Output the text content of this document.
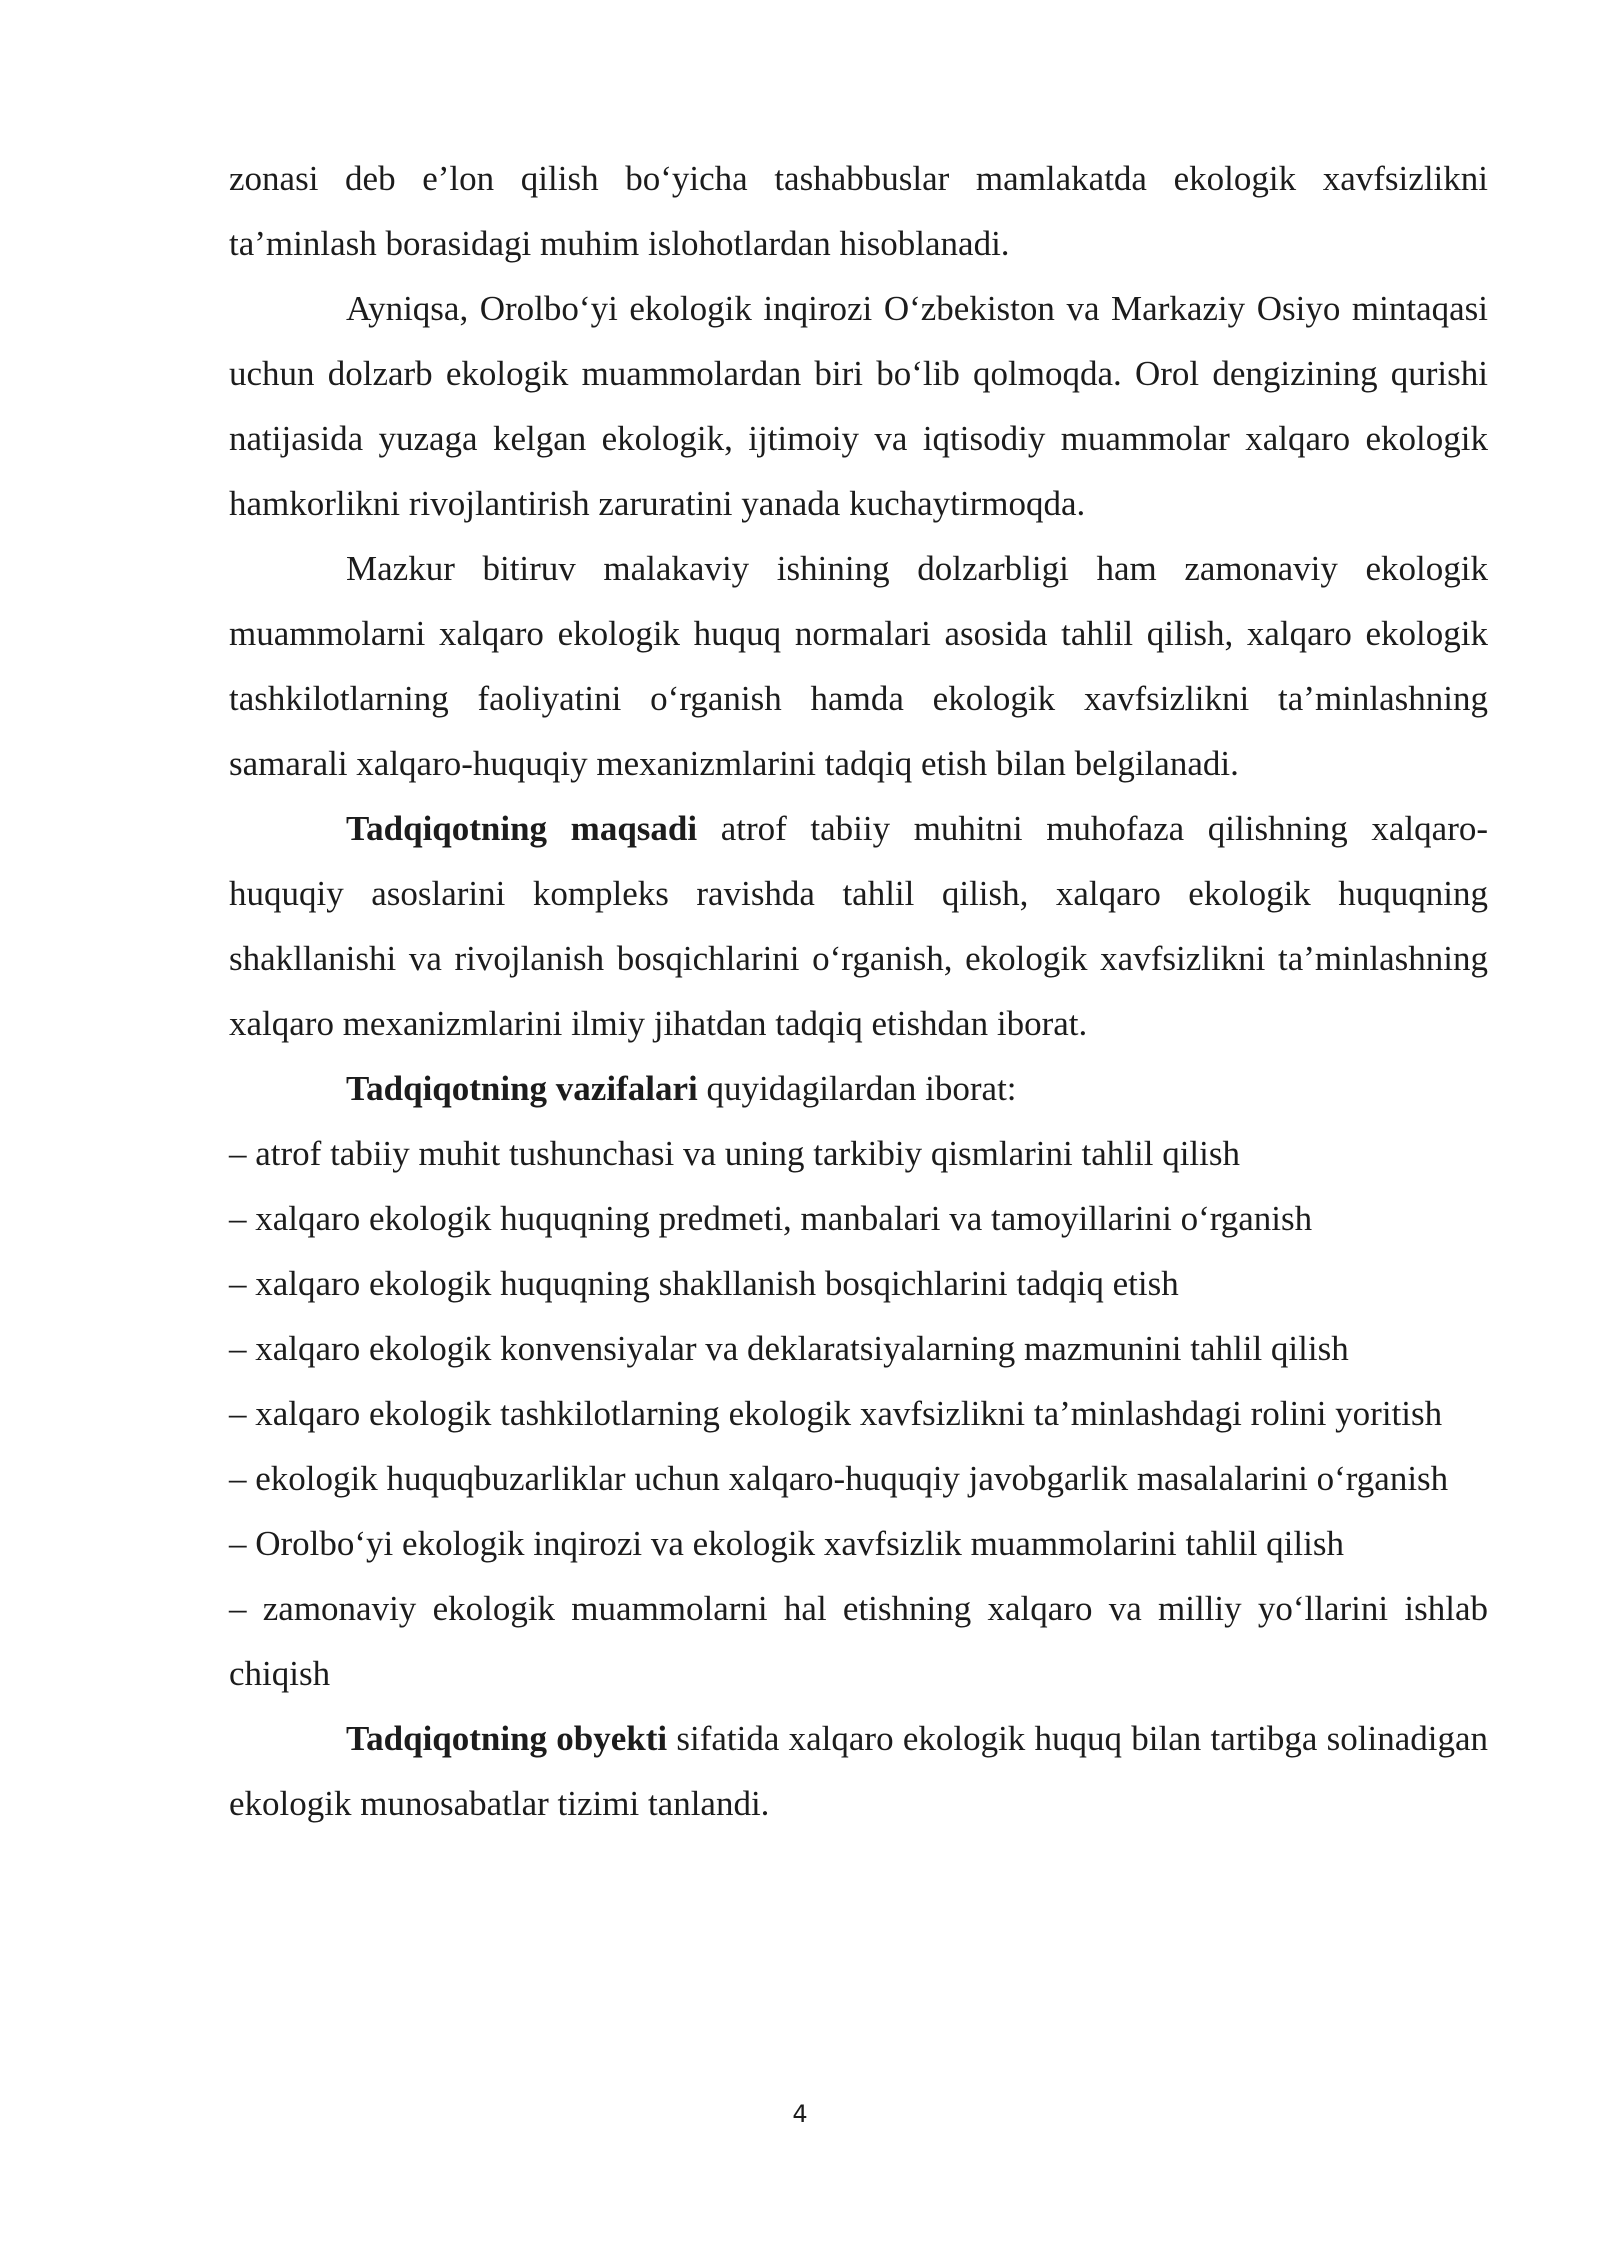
zonasi deb e’lon qilish bo‘yicha tashabbuslar mamlakatda ekologik xavfsizlikni ta’minlash borasidagi muhim islohotlardan hisoblanadi.

Ayniqsa, Orolbo‘yi ekologik inqirozi O‘zbekiston va Markaziy Osiyo mintaqasi uchun dolzarb ekologik muammolardan biri bo‘lib qolmoqda. Orol dengizining qurishi natijasida yuzaga kelgan ekologik, ijtimoiy va iqtisodiy muammolar xalqaro ekologik hamkorlikni rivojlantirish zaruratini yanada kuchaytirmoqda.

Mazkur bitiruv malakaviy ishining dolzarbligi ham zamonaviy ekologik muammolarni xalqaro ekologik huquq normalari asosida tahlil qilish, xalqaro ekologik tashkilotlarning faoliyatini o‘rganish hamda ekologik xavfsizlikni ta’minlashning samarali xalqaro-huquqiy mexanizmlarini tadqiq etish bilan belgilanadi.

Tadqiqotning maqsadi atrof tabiiy muhitni muhofaza qilishning xalqaro-huquqiy asoslarini kompleks ravishda tahlil qilish, xalqaro ekologik huquqning shakllanishi va rivojlanish bosqichlarini o‘rganish, ekologik xavfsizlikni ta’minlashning xalqaro mexanizmlarini ilmiy jihatdan tadqiq etishdan iborat.

Tadqiqotning vazifalari quyidagilardan iborat:

– atrof tabiiy muhit tushunchasi va uning tarkibiy qismlarini tahlil qilish

– xalqaro ekologik huquqning predmeti, manbalari va tamoyillarini o‘rganish

– xalqaro ekologik huquqning shakllanish bosqichlarini tadqiq etish

– xalqaro ekologik konvensiyalar va deklaratsiyalarning mazmunini tahlil qilish

– xalqaro ekologik tashkilotlarning ekologik xavfsizlikni ta’minlashdagi rolini yoritish

– ekologik huquqbuzarliklar uchun xalqaro-huquqiy javobgarlik masalalarini o‘rganish

– Orolbo‘yi ekologik inqirozi va ekologik xavfsizlik muammolarini tahlil qilish

– zamonaviy ekologik muammolarni hal etishning xalqaro va milliy yo‘llarini ishlab chiqish

Tadqiqotning obyekti sifatida xalqaro ekologik huquq bilan tartibga solinadigan ekologik munosabatlar tizimi tanlandi.

4
